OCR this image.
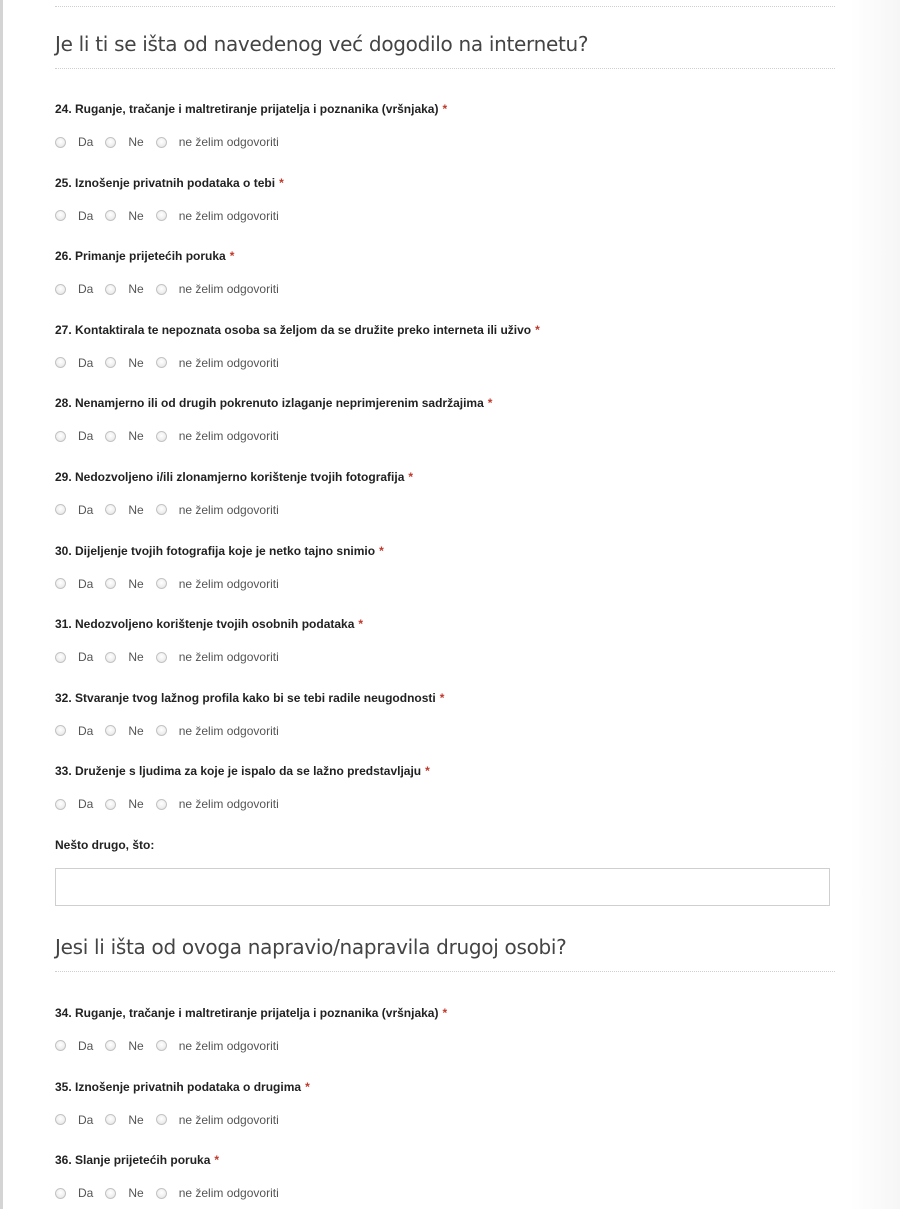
Je li ti se išta od navedenog već dogodilo na internetu?
24. Ruganje, tračanje i maltretiranje prijatelja i poznanika (vršnjaka) *
Da	Ne	ne želim odgovoriti
25. Iznošenje privatnih podataka o tebi *
Da	Ne	ne želim odgovoriti
26. Primanje prijetećih poruka *
Da	Ne	ne želim odgovoriti
27. Kontaktirala te nepoznata osoba sa željom da se družite preko interneta ili uživo *
Da	Ne	ne želim odgovoriti
28. Nenamjerno ili od drugih pokrenuto izlaganje neprimjerenim sadržajima *
Da	Ne	ne želim odgovoriti
29. Nedozvoljeno i/ili zlonamjerno korištenje tvojih fotografija *
Da	Ne	ne želim odgovoriti
30. Dijeljenje tvojih fotografija koje je netko tajno snimio *
Da	Ne	ne želim odgovoriti
31. Nedozvoljeno korištenje tvojih osobnih podataka *
Da	Ne	ne želim odgovoriti
32. Stvaranje tvog lažnog profila kako bi se tebi radile neugodnosti *
Da	Ne	ne želim odgovoriti
33. Druženje s ljudima za koje je ispalo da se lažno predstavljaju *
Da	Ne	ne želim odgovoriti
Nešto drugo, što:
Jesi li išta od ovoga napravio/napravila drugoj osobi?
34. Ruganje, tračanje i maltretiranje prijatelja i poznanika (vršnjaka) *
Da	Ne	ne želim odgovoriti
35. Iznošenje privatnih podataka o drugima *
Da	Ne	ne želim odgovoriti
36. Slanje prijetećih poruka *
Da	Ne	ne želim odgovoriti
